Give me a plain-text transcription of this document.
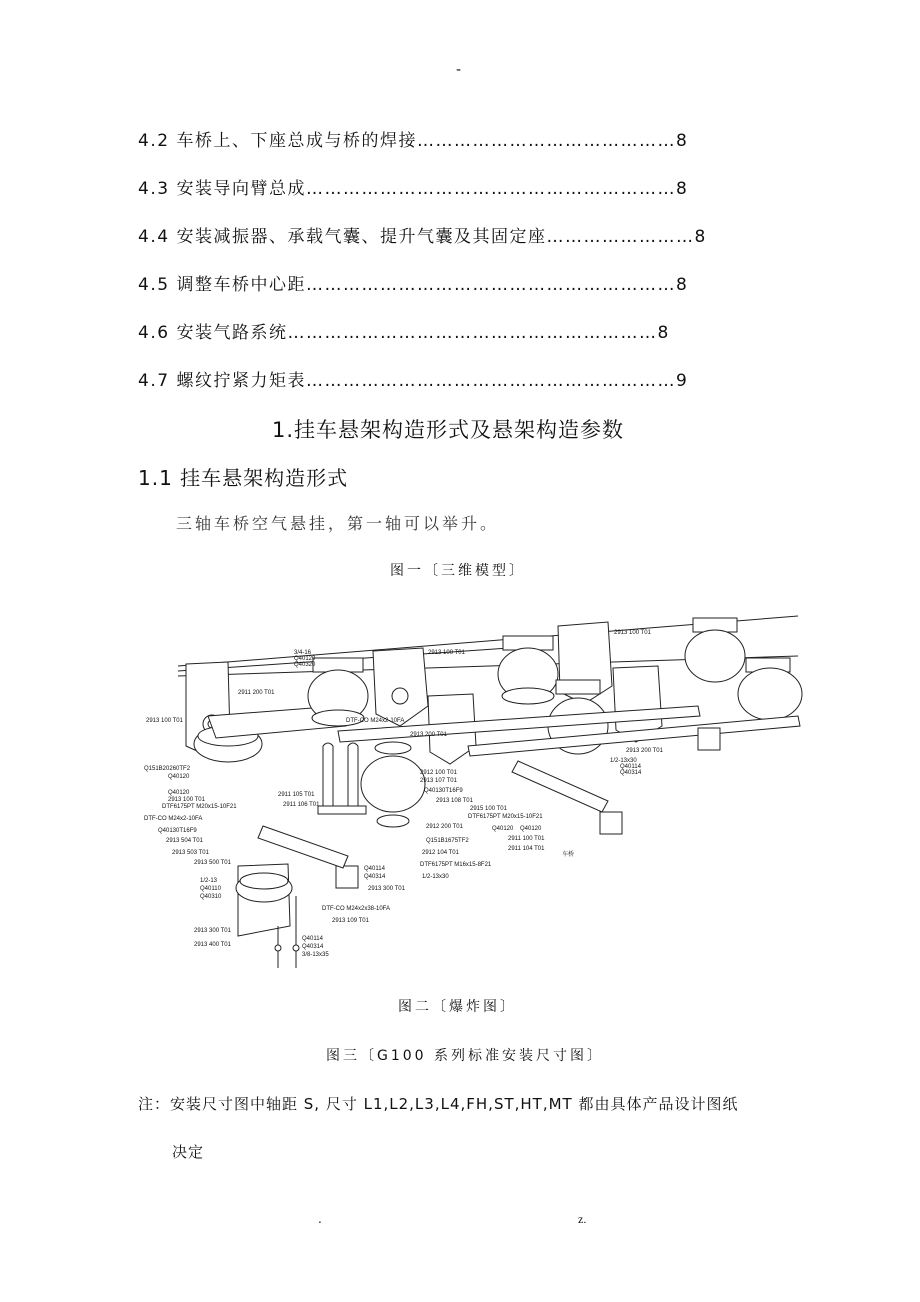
-
4.2 车桥上、下座总成与桥的焊接……………………………………8
4.3 安装导向臂总成……………………………………………………8
4.4 安装减振器、承载气囊、提升气囊及其固定座……………………8
4.5 调整车桥中心距……………………………………………………8
4.6 安装气路系统……………………………………………………8
4.7 螺纹拧紧力矩表……………………………………………………9
1.挂车悬架构造形式及悬架构造参数
1.1 挂车悬架构造形式
三轴车桥空气悬挂，第一轴可以举升。
图一〔三维模型〕
3/4-16
Q40120
Q40320
2913 100 T01
2913 100 T01
2911 200 T01
2913 100 T01	DTF-CO M24x2-10FA
2913 200 T01
Q151B20260TF2
Q40120
Q40120
2913 100 T01
DTF6175PT M20x15-10F21
2911 105 T01
2911 106 T01
DTF-CO M24x2-10FA
Q40130T16F9
2913 504 T01
2913 503 T01
2913 500 T01
1/2-13
Q40110
Q40310
2912 100 T01
2913 107 T01
Q40130T16F9
2913 108 T01
2915 100 T01
DTF6175PT M20x15-10F21
2912 200 T01
Q151B1675TF2
2912 104 T01
DTF6175PT M16x15-8F21
Q40114
Q40314	1/2-13x30
2913 300 T01
DTF-CO M24x2x38-10FA
2913 109 T01
Q40120 Q40120
2911 100 T01
2911 104 T01
车桥
2913 200 T01
1/2-13x30
Q40114
Q40314
2913 300 T01
2913 400 T01
Q40114
Q40314
3/8-13x35
图二〔爆炸图〕
图三〔G100 系列标准安装尺寸图〕
注：安装尺寸图中轴距 S, 尺寸 L1,L2,L3,L4,FH,ST,HT,MT 都由具体产品设计图纸
决定
.	z.
